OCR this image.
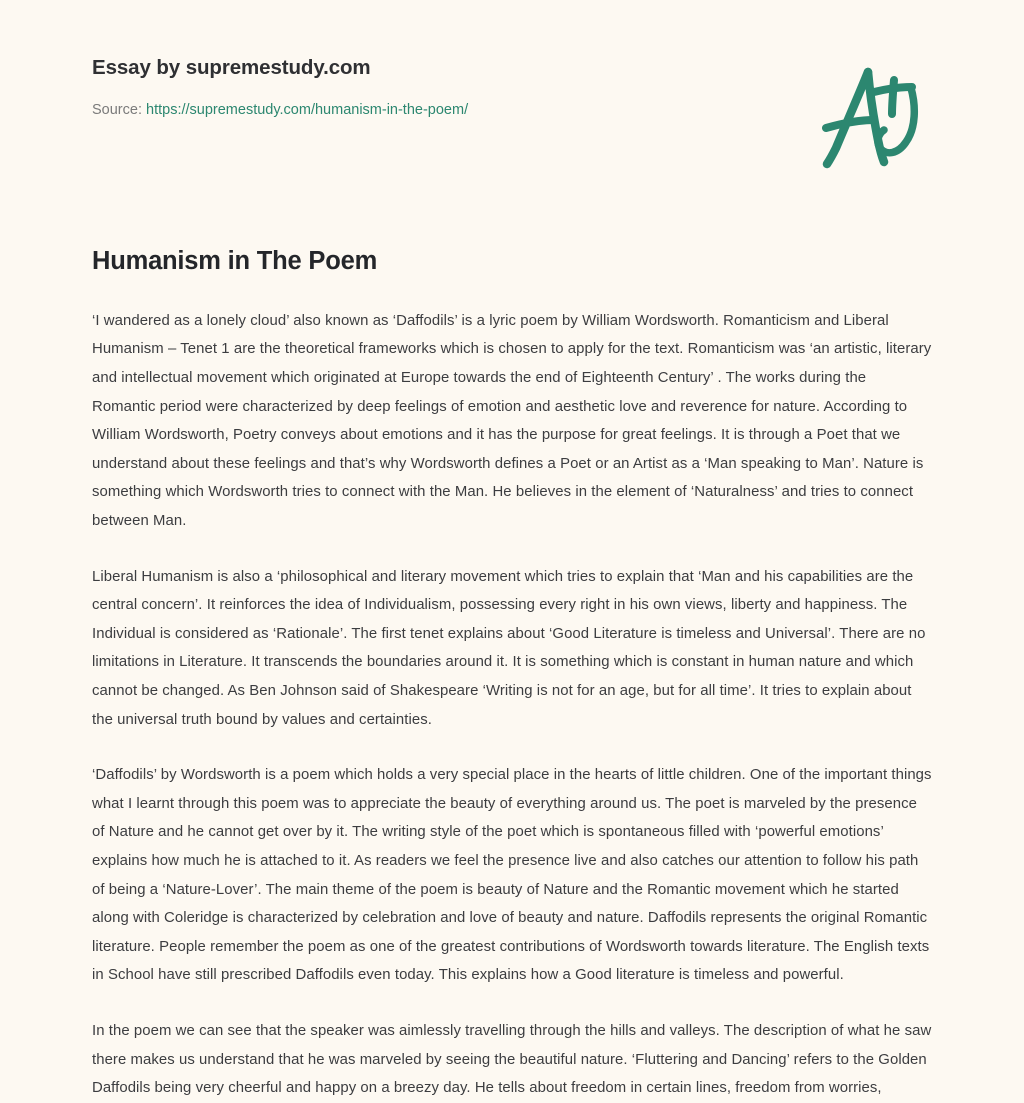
Essay by supremestudy.com

Source: https://supremestudy.com/humanism-in-the-poem/

Humanism in The Poem

‘I wandered as a lonely cloud’ also known as ‘Daffodils’ is a lyric poem by William Wordsworth. Romanticism and Liberal Humanism – Tenet 1 are the theoretical frameworks which is chosen to apply for the text. Romanticism was ‘an artistic, literary and intellectual movement which originated at Europe towards the end of Eighteenth Century’ . The works during the Romantic period were characterized by deep feelings of emotion and aesthetic love and reverence for nature. According to William Wordsworth, Poetry conveys about emotions and it has the purpose for great feelings. It is through a Poet that we understand about these feelings and that’s why Wordsworth defines a Poet or an Artist as a ‘Man speaking to Man’. Nature is something which Wordsworth tries to connect with the Man. He believes in the element of ‘Naturalness’ and tries to connect between Man.

Liberal Humanism is also a ‘philosophical and literary movement which tries to explain that ‘Man and his capabilities are the central concern’. It reinforces the idea of Individualism, possessing every right in his own views, liberty and happiness. The Individual is considered as ‘Rationale’. The first tenet explains about ‘Good Literature is timeless and Universal’. There are no limitations in Literature. It transcends the boundaries around it. It is something which is constant in human nature and which cannot be changed. As Ben Johnson said of Shakespeare ‘Writing is not for an age, but for all time’. It tries to explain about the universal truth bound by values and certainties.

‘Daffodils’ by Wordsworth is a poem which holds a very special place in the hearts of little children. One of the important things what I learnt through this poem was to appreciate the beauty of everything around us. The poet is marveled by the presence of Nature and he cannot get over by it. The writing style of the poet which is spontaneous filled with ‘powerful emotions’ explains how much he is attached to it. As readers we feel the presence live and also catches our attention to follow his path of being a ‘Nature-Lover’. The main theme of the poem is beauty of Nature and the Romantic movement which he started along with Coleridge is characterized by celebration and love of beauty and nature. Daffodils represents the original Romantic literature. People remember the poem as one of the greatest contributions of Wordsworth towards literature. The English texts in School have still prescribed Daffodils even today. This explains how a Good literature is timeless and powerful.

In the poem we can see that the speaker was aimlessly travelling through the hills and valleys. The description of what he saw there makes us understand that he was marveled by seeing the beautiful nature. ‘Fluttering and Dancing’ refers to the Golden Daffodils being very cheerful and happy on a breezy day. He tells about freedom in certain lines, freedom from worries,
